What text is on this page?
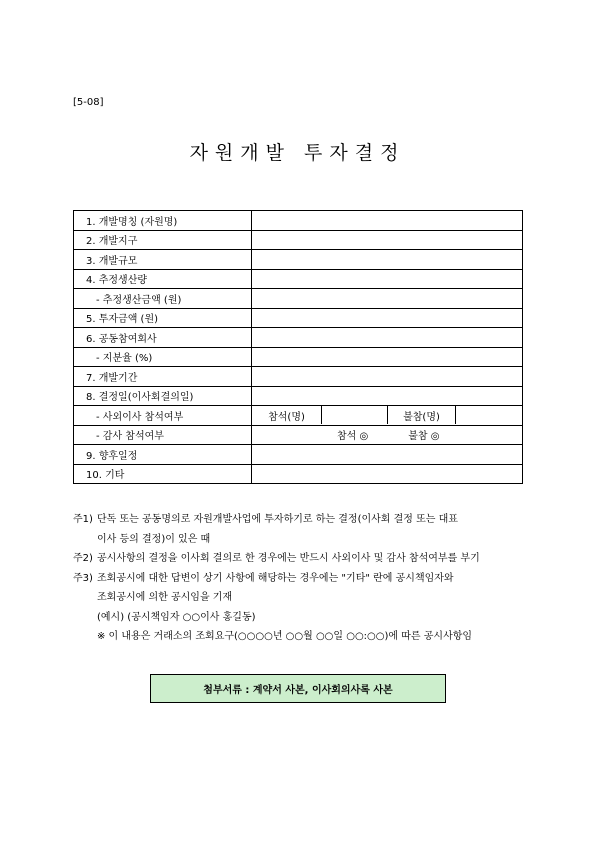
[5-08]
자원개발 투자결정
1. 개발명칭 (자원명)	
2. 개발지구	
3. 개발규모	
4. 추정생산량	
- 추정생산금액 (원)	
5. 투자금액 (원)	
6. 공동참여회사	
- 지분율 (%)	
7. 개발기간	
8. 결정일(이사회결의일)	
- 사외이사 참석여부	참석(명) 불참(명)

- 감사 참석여부	참석 ◎ 불참 ◎

9. 향후일정	
10. 기타	
주1) 단독 또는 공동명의로 자원개발사업에 투자하기로 하는 결정(이사회 결정 또는 대표
이사 등의 결정)이 있은 때
주2) 공시사항의 결정을 이사회 결의로 한 경우에는 반드시 사외이사 및 감사 참석여부를 부기
주3) 조회공시에 대한 답변이 상기 사항에 해당하는 경우에는 "기타" 란에 공시책임자와
조회공시에 의한 공시임을 기재
(예시) (공시책임자 ○○이사 홍길동)
※ 이 내용은 거래소의 조회요구(○○○○년 ○○월 ○○일 ○○:○○)에 따른 공시사항임
첨부서류 : 계약서 사본, 이사회의사록 사본
